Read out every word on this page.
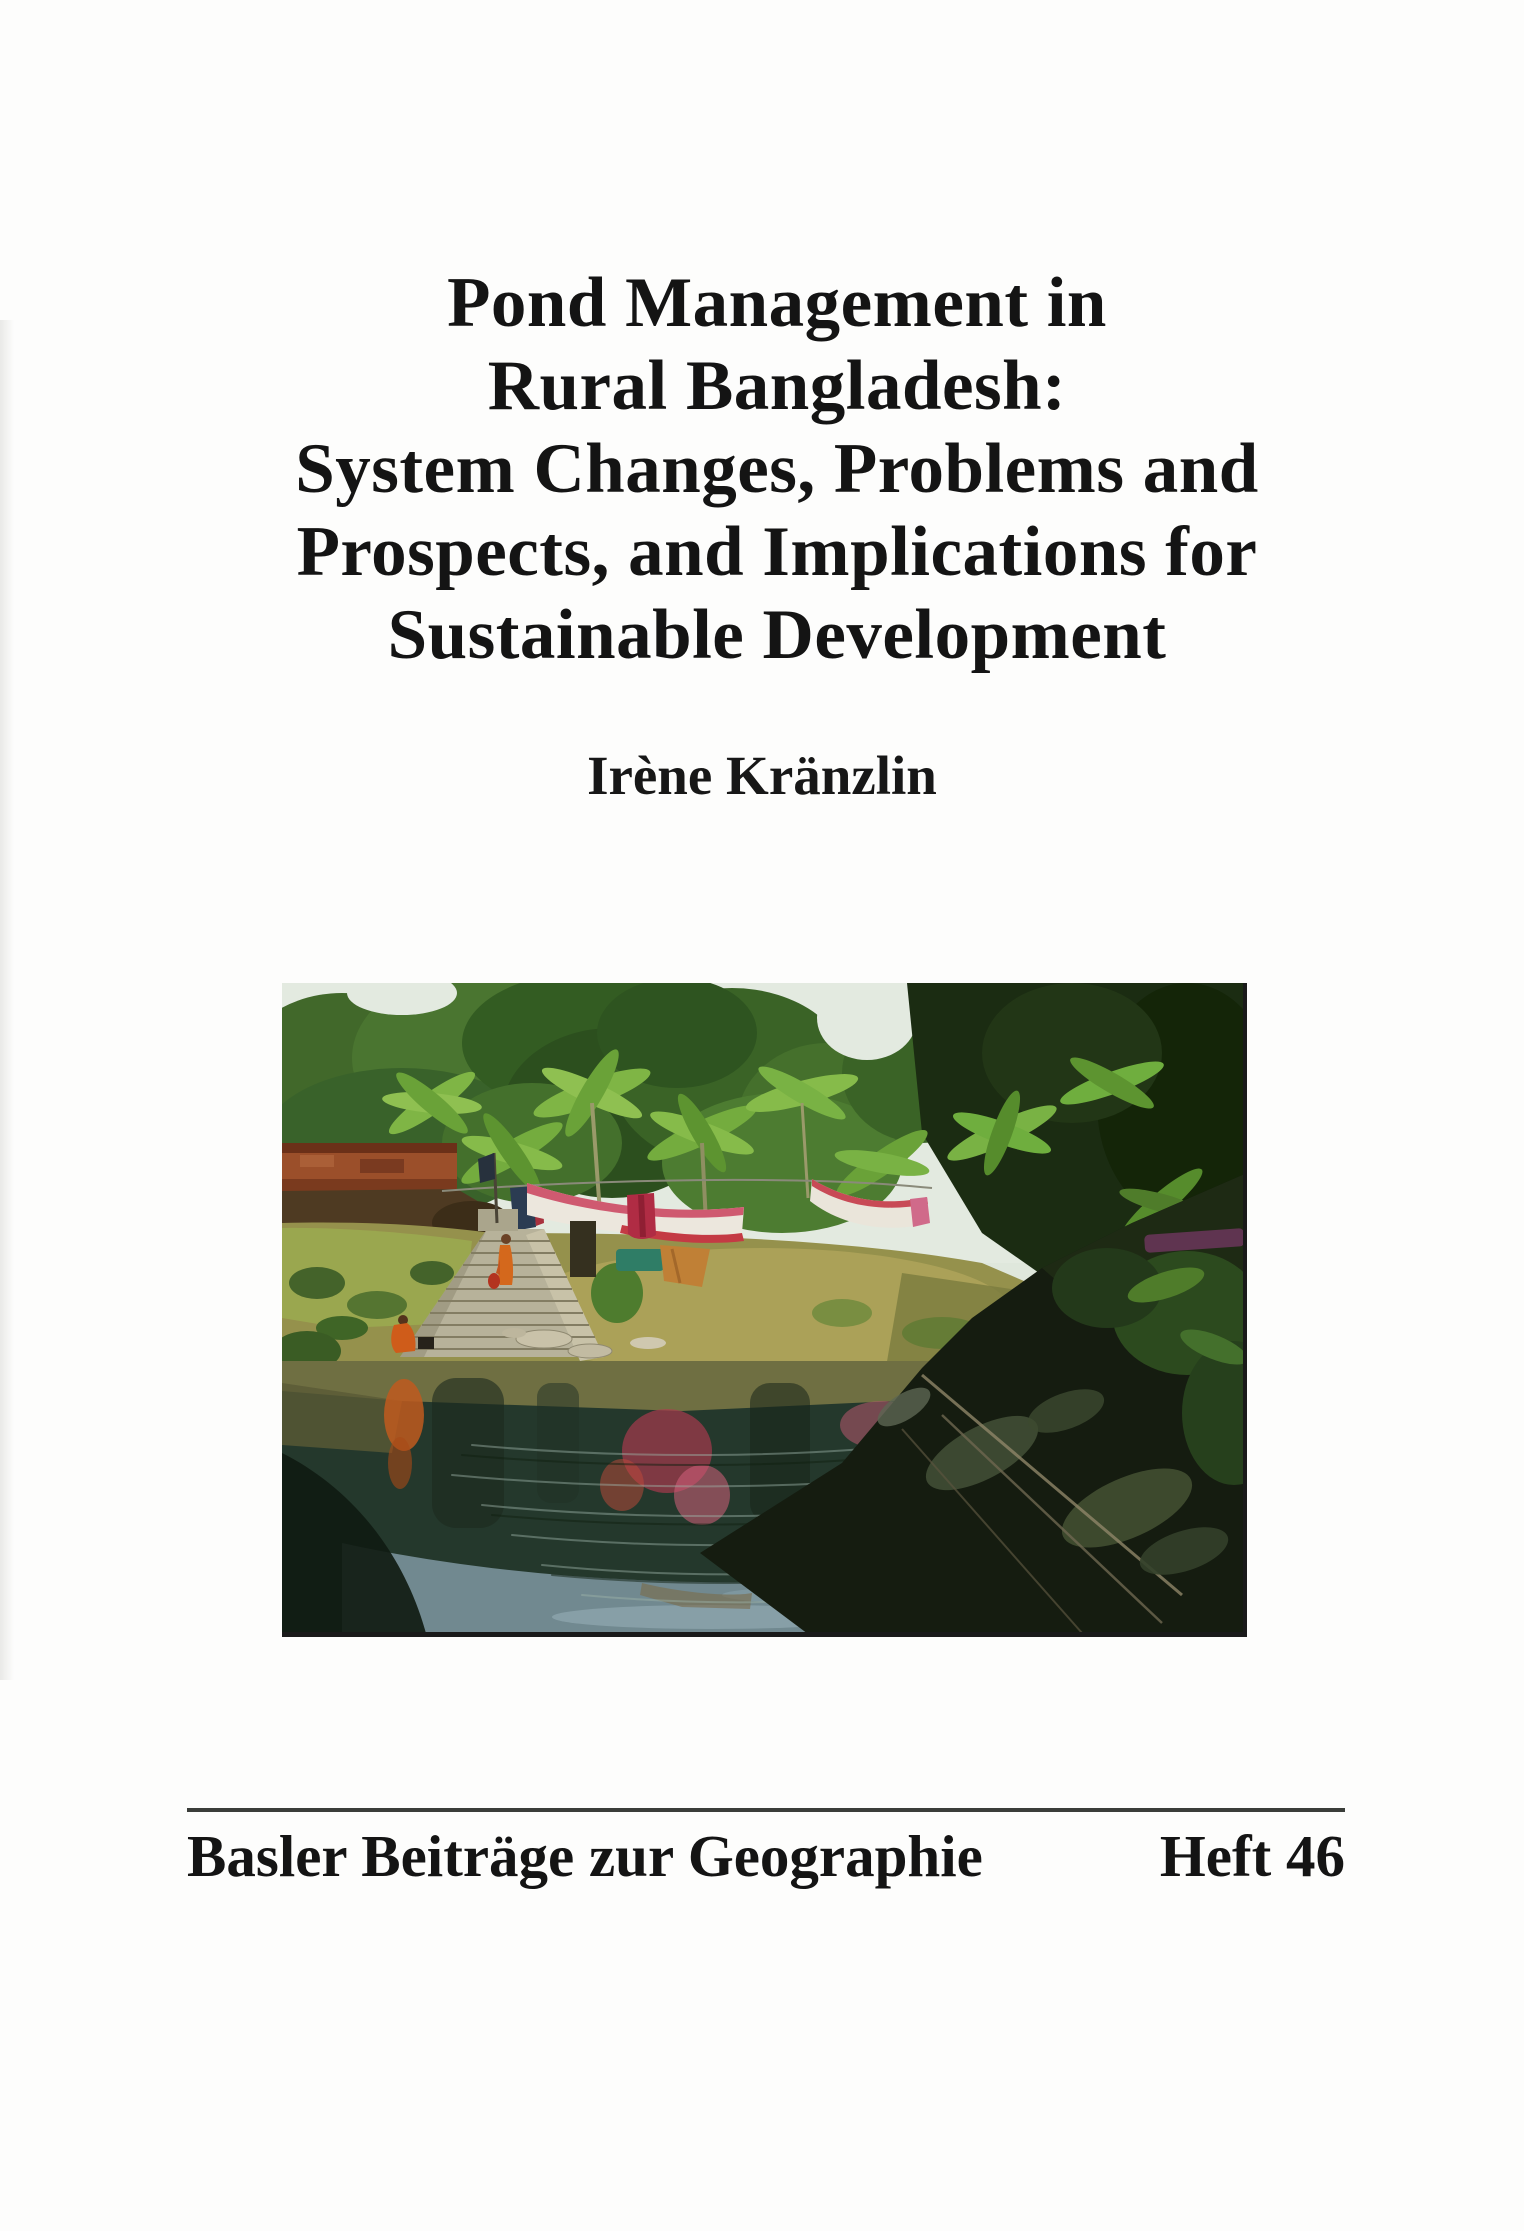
Pond Management in
Rural Bangladesh:
System Changes, Problems and
Prospects, and Implications for
Sustainable Development
Irène Kränzlin
Basler Beiträge zur Geographie	Heft 46
